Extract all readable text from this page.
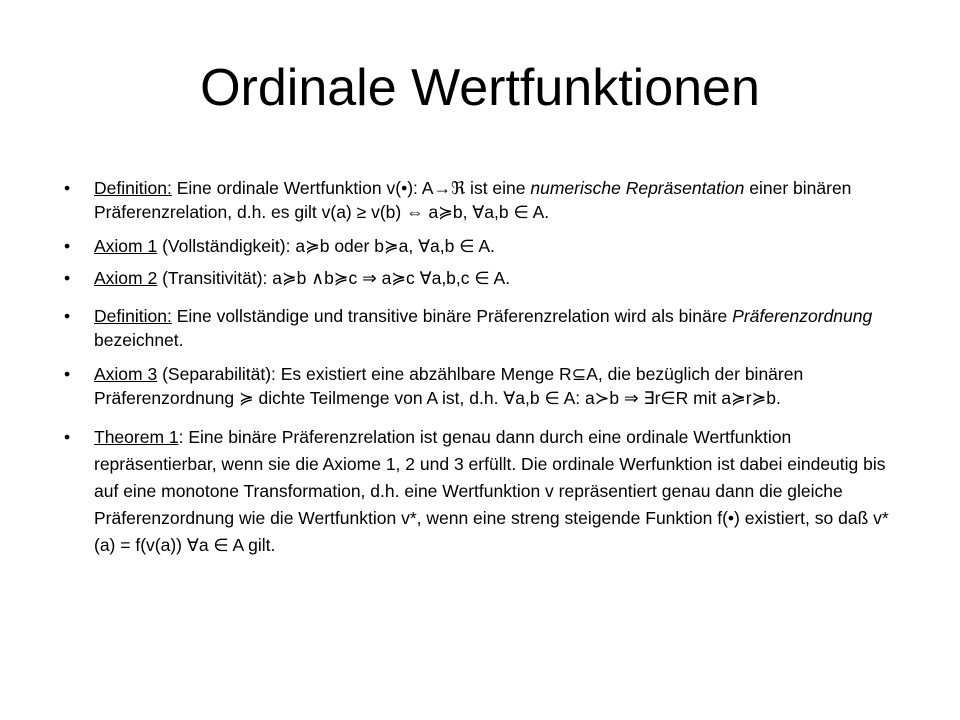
Ordinale Wertfunktionen
• Definition: Eine ordinale Wertfunktion v(•): A→ℜ ist eine numerische Repräsentation einer binären Präferenzrelation, d.h. es gilt v(a) ≥ v(b) ⇔ a≽b, ∀a,b ∈ A.
• Axiom 1 (Vollständigkeit): a≽b oder b≽a, ∀a,b ∈ A.
• Axiom 2 (Transitivität): a≽b ∧b≽c ⇒ a≽c ∀a,b,c ∈ A.
• Definition: Eine vollständige und transitive binäre Präferenzrelation wird als binäre Präferenzordnung bezeichnet.
• Axiom 3 (Separabilität): Es existiert eine abzählbare Menge R⊆A, die bezüglich der binären Präferenzordnung ≽ dichte Teilmenge von A ist, d.h. ∀a,b ∈ A: a≻b ⇒ ∃r∈R mit a≽r≽b.
• Theorem 1: Eine binäre Präferenzrelation ist genau dann durch eine ordinale Wertfunktion repräsentierbar, wenn sie die Axiome 1, 2 und 3 erfüllt. Die ordinale Werfunktion ist dabei eindeutig bis auf eine monotone Transformation, d.h. eine Wertfunktion v repräsentiert genau dann die gleiche Präferenzordnung wie die Wertfunktion v*, wenn eine streng steigende Funktion f(•) existiert, so daß v*(a) = f(v(a)) ∀a ∈ A gilt.
